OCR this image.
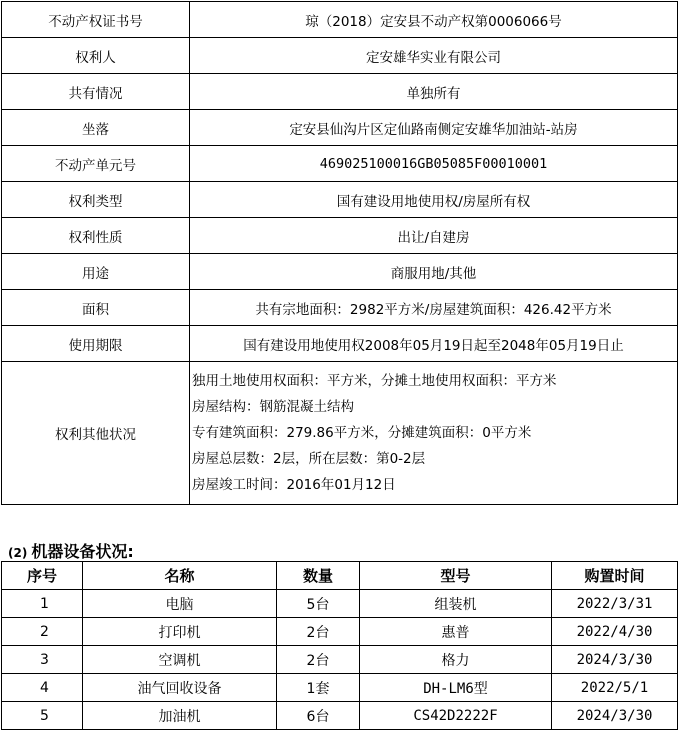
不动产权证书号	琼（2018）定安县不动产权第0006066号
权利人	定安雄华实业有限公司
共有情况	单独所有
坐落	定安县仙沟片区定仙路南侧定安雄华加油站-站房
不动产单元号	469025100016GB05085F00010001
权利类型	国有建设用地使用权/房屋所有权
权利性质	出让/自建房
用途	商服用地/其他
面积	共有宗地面积：2982平方米/房屋建筑面积：426.42平方米
使用期限	国有建设用地使用权2008年05月19日起至2048年05月19日止
权利其他状况	独用土地使用权面积：平方米，分摊土地使用权面积：平方米
房屋结构：钢筋混凝土结构
专有建筑面积：279.86平方米，分摊建筑面积：0平方米
房屋总层数：2层，所在层数：第0-2层
房屋竣工时间：2016年01月12日
(2) 机器设备状况:
序号	名称	数量	型号	购置时间
1	电脑	5台	组装机	2022/3/31
2	打印机	2台	惠普	2022/4/30
3	空调机	2台	格力	2024/3/30
4	油气回收设备	1套	DH-LM6型	2022/5/1
5	加油机	6台	CS42D2222F	2024/3/30
